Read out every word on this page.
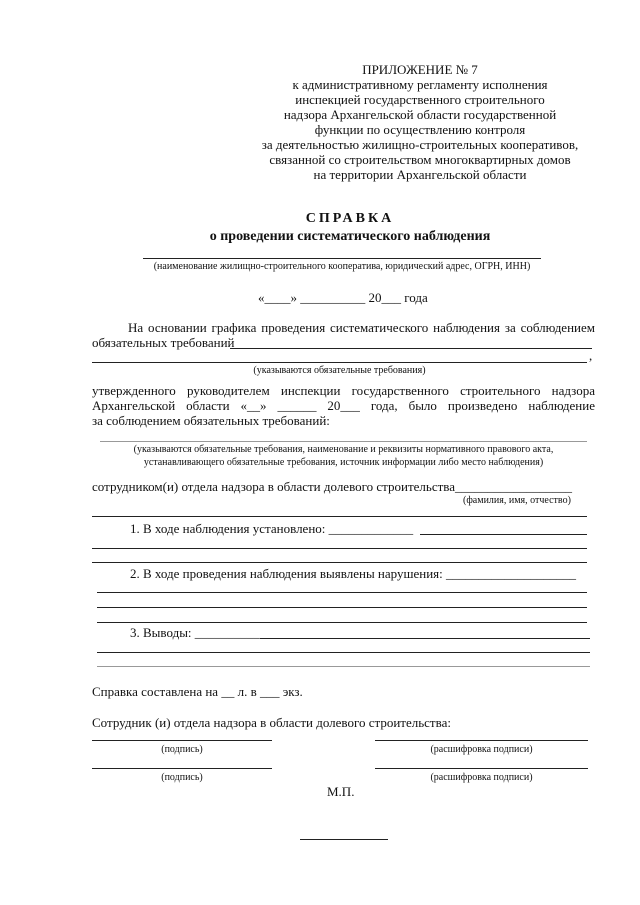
ПРИЛОЖЕНИЕ № 7
к административному регламенту исполнения
инспекцией государственного строительного
надзора Архангельской области государственной
функции по осуществлению контроля
за деятельностью жилищно-строительных кооперативов,
связанной со строительством многоквартирных домов
на территории Архангельской области
СПРАВКА
о проведении систематического наблюдения
(наименование жилищно-строительного кооператива, юридический адрес, ОГРН, ИНН)
«____» __________ 20___ года
На основании графика проведения систематического наблюдения за соблюдением
обязательных требований
,
(указываются обязательные требования)
утвержденного руководителем инспекции государственного строительного надзора
Архангельской области «__» ______ 20___ года, было произведено наблюдение
за соблюдением обязательных требований:
(указываются обязательные требования, наименование и реквизиты нормативного правового акта,
устанавливающего обязательные требования, источник информации либо место наблюдения)
сотрудником(и) отдела надзора в области долевого строительства__________________
(фамилия, имя, отчество)
1. В ходе наблюдения установлено: _____________
2. В ходе проведения наблюдения выявлены нарушения: ____________________
3. Выводы: __________
Справка составлена на __ л. в ___ экз.
Сотрудник (и) отдела надзора в области долевого строительства:
(подпись)	(расшифровка подписи)
(подпись)	(расшифровка подписи)
М.П.
